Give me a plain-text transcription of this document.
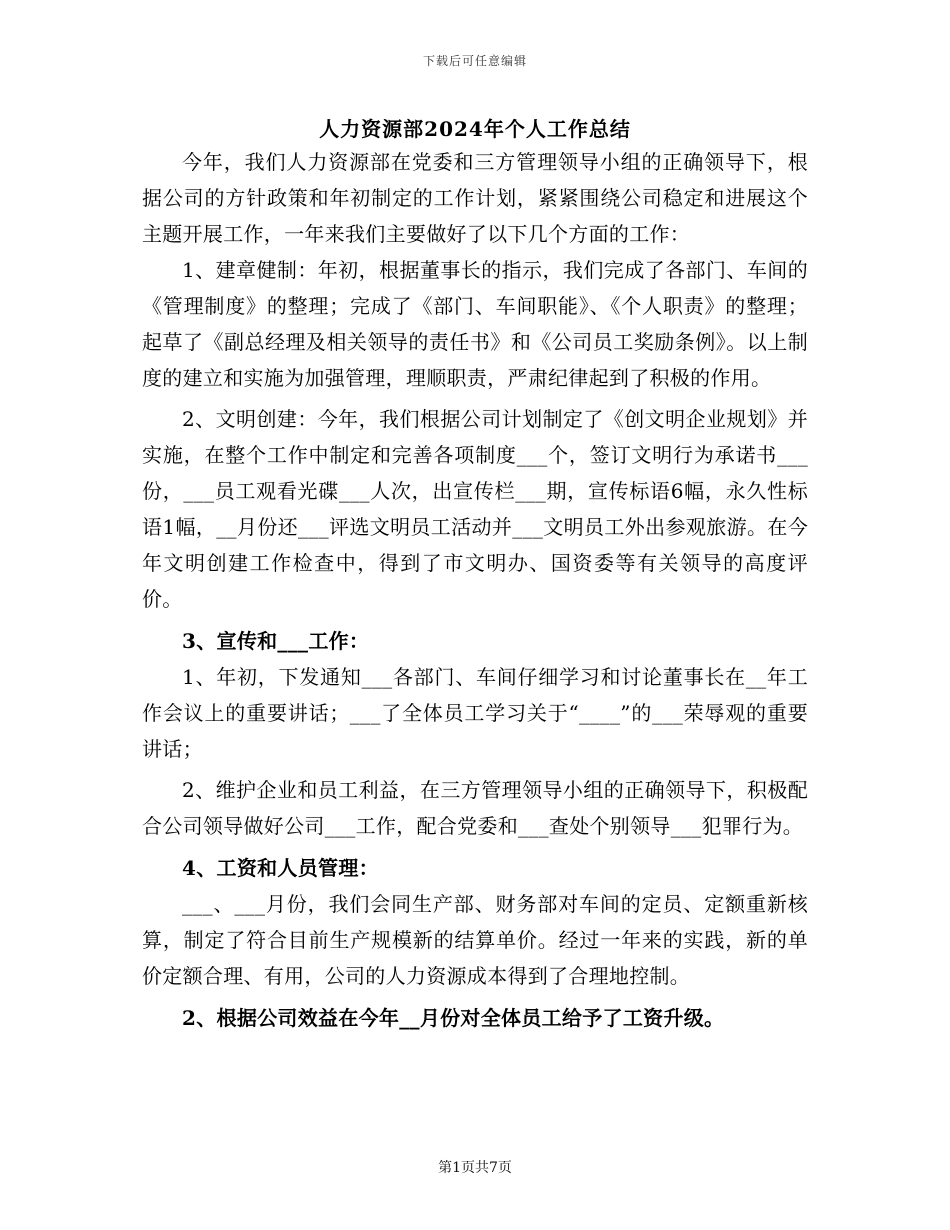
下载后可任意编辑
人力资源部2024年个人工作总结

今年，我们人力资源部在党委和三方管理领导小组的正确领导下，根据公司的方针政策和年初制定的工作计划，紧紧围绕公司稳定和进展这个主题开展工作，一年来我们主要做好了以下几个方面的工作：

1、建章健制：年初，根据董事长的指示，我们完成了各部门、车间的《管理制度》的整理；完成了《部门、车间职能》、《个人职责》的整理；起草了《副总经理及相关领导的责任书》和《公司员工奖励条例》。以上制度的建立和实施为加强管理，理顺职责，严肃纪律起到了积极的作用。

2、文明创建：今年，我们根据公司计划制定了《创文明企业规划》并实施，在整个工作中制定和完善各项制度___个，签订文明行为承诺书___份，___员工观看光碟___人次，出宣传栏___期，宣传标语6幅，永久性标语1幅，__月份还___评选文明员工活动并___文明员工外出参观旅游。在今年文明创建工作检查中，得到了市文明办、国资委等有关领导的高度评价。

3、宣传和___工作：

1、年初，下发通知___各部门、车间仔细学习和讨论董事长在__年工作会议上的重要讲话；___了全体员工学习关于“____”的___荣辱观的重要讲话；

2、维护企业和员工利益，在三方管理领导小组的正确领导下，积极配合公司领导做好公司___工作，配合党委和___查处个别领导___犯罪行为。

4、工资和人员管理：

___、___月份，我们会同生产部、财务部对车间的定员、定额重新核算，制定了符合目前生产规模新的结算单价。经过一年来的实践，新的单价定额合理、有用，公司的人力资源成本得到了合理地控制。

2、根据公司效益在今年__月份对全体员工给予了工资升级。

第1页共7页
